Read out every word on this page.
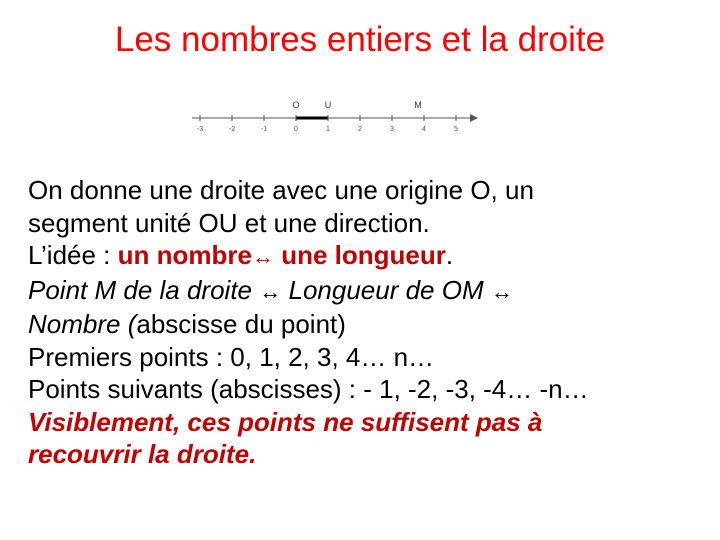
Les nombres entiers et la droite
-3	-2	-1	0	1	2	3	4	5
O	U	M
On donne une droite avec une origine O, un
segment unité OU et une direction.
L’idée : un nombre↔ une longueur.
Point M de la droite ↔ Longueur de OM ↔
Nombre (abscisse du point)
Premiers points : 0, 1, 2, 3, 4… n…
Points suivants (abscisses) : - 1, -2, -3, -4… -n…
Visiblement, ces points ne suffisent pas à
recouvrir la droite.
